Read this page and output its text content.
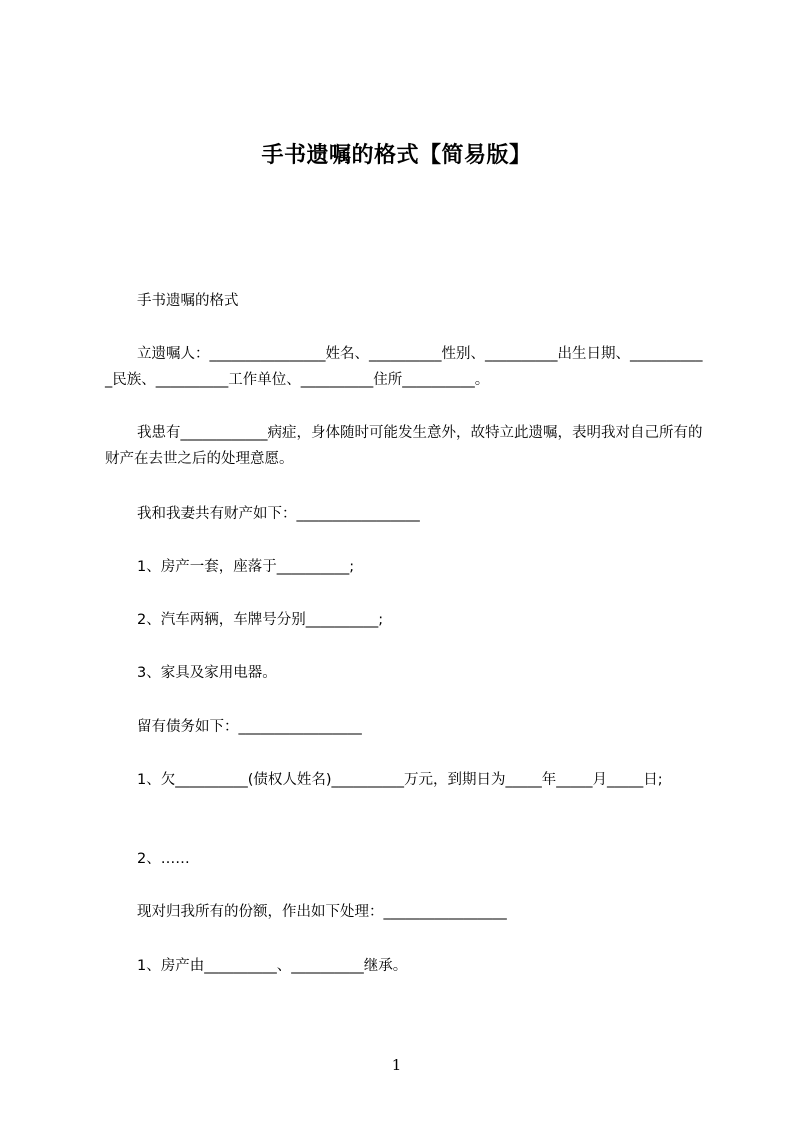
手书遗嘱的格式【简易版】
手书遗嘱的格式
立遗嘱人：________________姓名、__________性别、__________出生日期、___________民族、__________工作单位、__________住所__________。
我患有____________病症，身体随时可能发生意外，故特立此遗嘱，表明我对自己所有的财产在去世之后的处理意愿。
我和我妻共有财产如下：_________________
1、房产一套，座落于__________;
2、汽车两辆，车牌号分别__________;
3、家具及家用电器。
留有债务如下：_________________
1、欠__________(债权人姓名)__________万元，到期日为_____年_____月_____日;
2、……
现对归我所有的份额，作出如下处理：_________________
1、房产由__________、__________继承。
1
